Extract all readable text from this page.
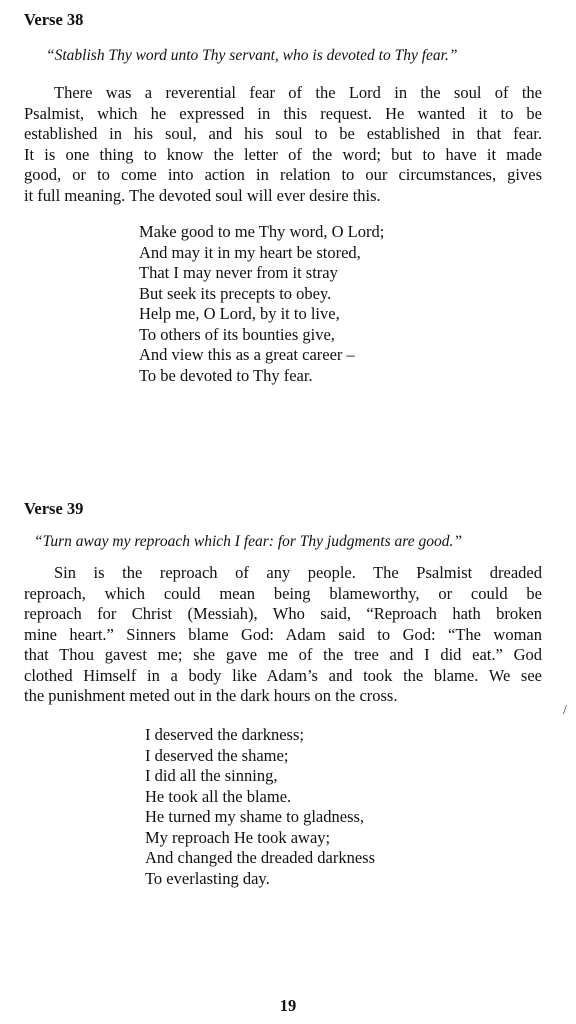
Verse 38
“Stablish Thy word unto Thy servant, who is devoted to Thy fear.”
There was a reverential fear of the Lord in the soul of the
Psalmist, which he expressed in this request. He wanted it to be
established in his soul, and his soul to be established in that fear.
It is one thing to know the letter of the word; but to have it made
good, or to come into action in relation to our circumstances, gives
it full meaning. The devoted soul will ever desire this.
Make good to me Thy word, O Lord;
And may it in my heart be stored,
That I may never from it stray
But seek its precepts to obey.
Help me, O Lord, by it to live,
To others of its bounties give,
And view this as a great career –
To be devoted to Thy fear.
Verse 39
“Turn away my reproach which I fear: for Thy judgments are good.”
Sin is the reproach of any people. The Psalmist dreaded
reproach, which could mean being blameworthy, or could be
reproach for Christ (Messiah), Who said, “Reproach hath broken
mine heart.” Sinners blame God: Adam said to God: “The woman
that Thou gavest me; she gave me of the tree and I did eat.” God
clothed Himself in a body like Adam’s and took the blame. We see
the punishment meted out in the dark hours on the cross.
I deserved the darkness;
I deserved the shame;
I did all the sinning,
He took all the blame.
He turned my shame to gladness,
My reproach He took away;
And changed the dreaded darkness
To everlasting day.
/
19
